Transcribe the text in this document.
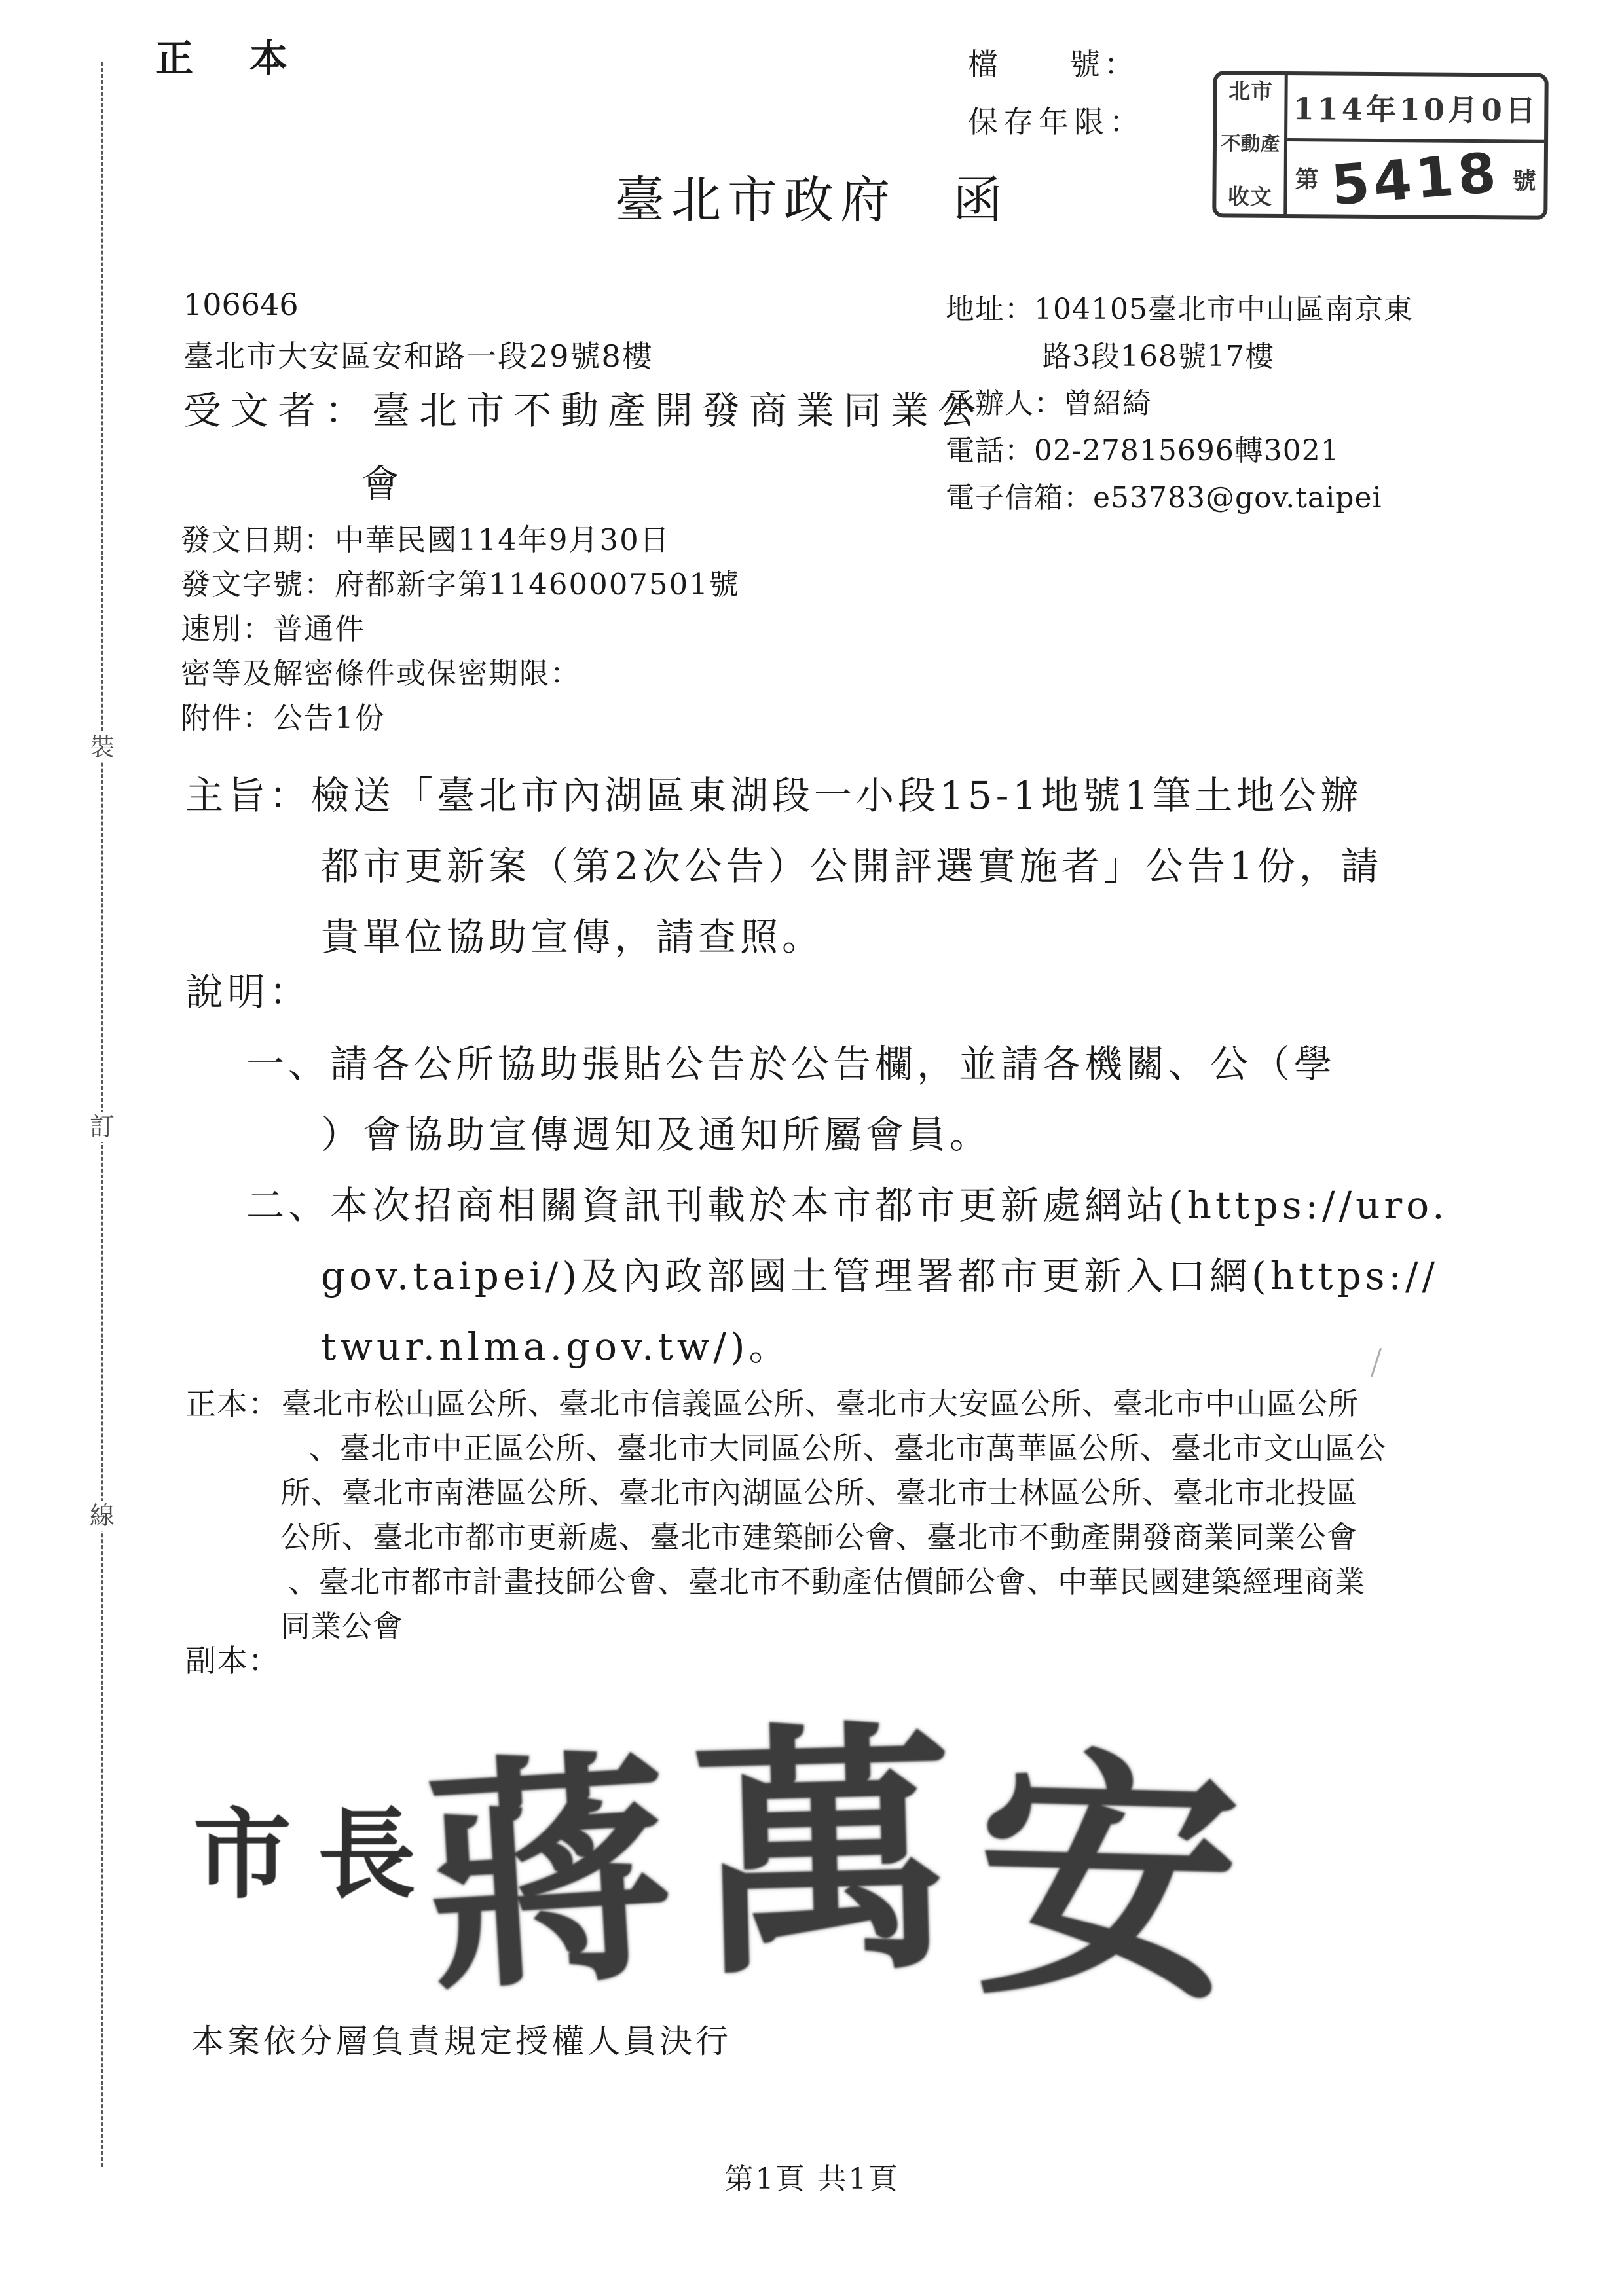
正　本
裝
訂
線
檔　　號：
保存年限：
北市
不動產
收文
114年10月0日
第 5418 號
臺北市政府　函
106646
臺北市大安區安和路一段29號8樓
受文者：臺北市不動產開發商業同業公
會
地址：104105臺北市中山區南京東
路3段168號17樓
承辦人：曾紹綺
電話：02-27815696轉3021
電子信箱：e53783@gov.taipei
發文日期：中華民國114年9月30日
發文字號：府都新字第11460007501號
速別：普通件
密等及解密條件或保密期限：
附件：公告1份
主旨：檢送「臺北市內湖區東湖段一小段15-1地號1筆土地公辦
都市更新案（第2次公告）公開評選實施者」公告1份，請
貴單位協助宣傳，請查照。
說明：
一、請各公所協助張貼公告於公告欄，並請各機關、公（學
）會協助宣傳週知及通知所屬會員。
二、本次招商相關資訊刊載於本市都市更新處網站(https://uro.
gov.taipei/)及內政部國土管理署都市更新入口網(https://
twur.nlma.gov.tw/)。
正本： 臺北市松山區公所、臺北市信義區公所、臺北市大安區公所、臺北市中山區公所
、臺北市中正區公所、臺北市大同區公所、臺北市萬華區公所、臺北市文山區公
所、臺北市南港區公所、臺北市內湖區公所、臺北市士林區公所、臺北市北投區
公所、臺北市都市更新處、臺北市建築師公會、臺北市不動產開發商業同業公會
、臺北市都市計畫技師公會、臺北市不動產估價師公會、中華民國建築經理商業
同業公會
副本：
市長
蔣
萬
安
本案依分層負責規定授權人員決行
第1頁 共1頁
